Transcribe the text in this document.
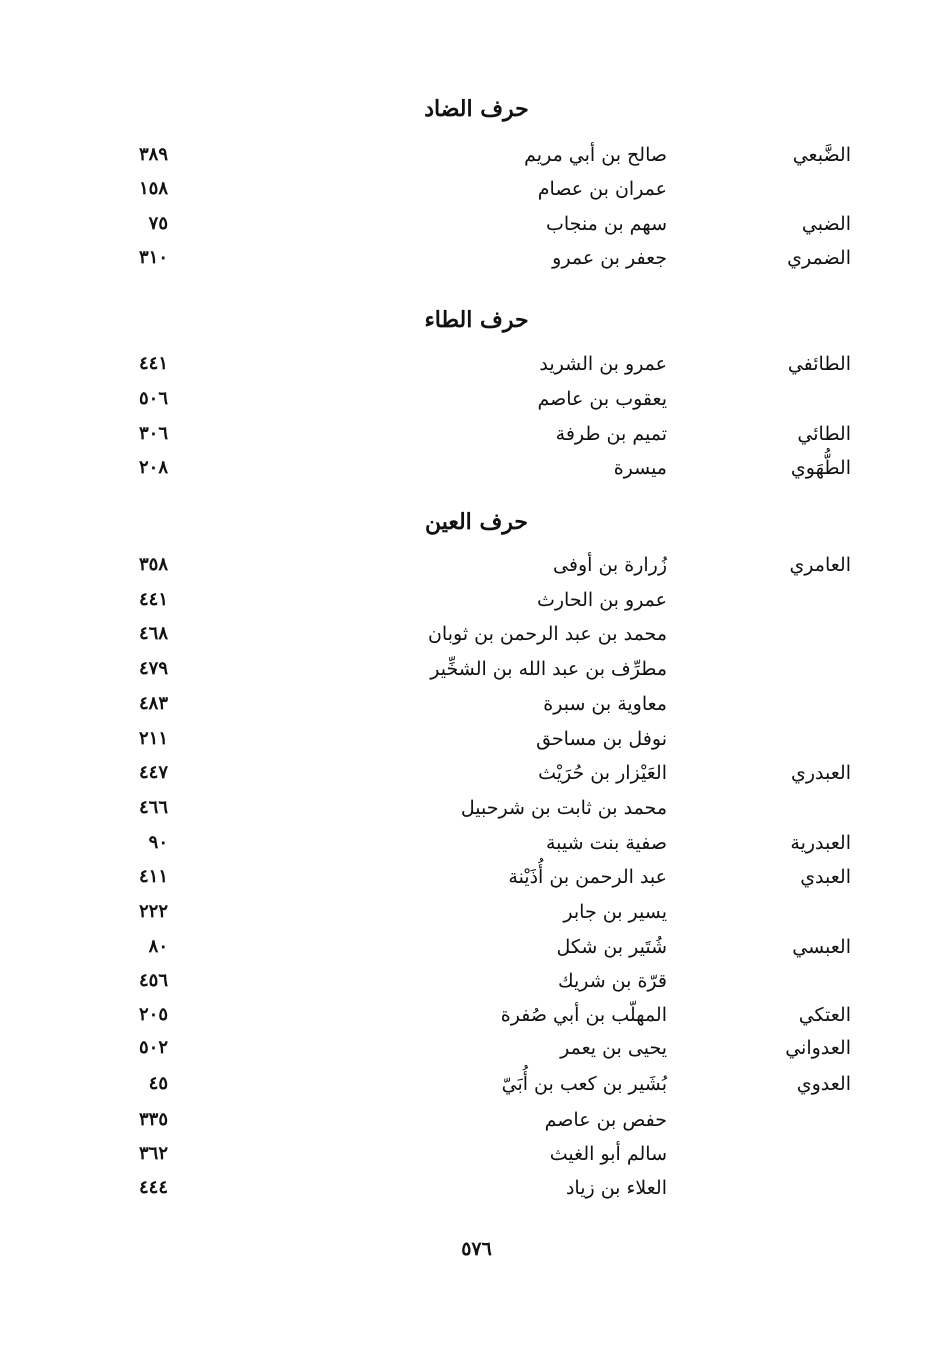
حرف الضاد
الضَّبعي
صالح بن أبي مريم
٣٨٩
عمران بن عصام
١٥٨
الضبي
سهم بن منجاب
٧٥
الضمري
جعفر بن عمرو
٣١٠
حرف الطاء
الطائفي
عمرو بن الشريد
٤٤١
يعقوب بن عاصم
٥٠٦
الطائي
تميم بن طرفة
٣٠٦
الطُّهَوي
ميسرة
٢٠٨
حرف العين
العامري
زُرارة بن أوفى
٣٥٨
عمرو بن الحارث
٤٤١
محمد بن عبد الرحمن بن ثوبان
٤٦٨
مطرِّف بن عبد الله بن الشخِّير
٤٧٩
معاوية بن سبرة
٤٨٣
نوفل بن مساحق
٢١١
العبدري
العَيْزار بن حُرَيْث
٤٤٧
محمد بن ثابت بن شرحبيل
٤٦٦
العبدرية
صفية بنت شيبة
٩٠
العبدي
عبد الرحمن بن أُذَيْنة
٤١١
يسير بن جابر
٢٢٢
العبسي
شُتَير بن شكل
٨٠
قرّة بن شريك
٤٥٦
العتكي
المهلّب بن أبي صُفرة
٢٠٥
العدواني
يحيى بن يعمر
٥٠٢
العدوي
بُشَير بن كعب بن أُبَيّ
٤٥
حفص بن عاصم
٣٣٥
سالم أبو الغيث
٣٦٢
العلاء بن زياد
٤٤٤
٥٧٦
